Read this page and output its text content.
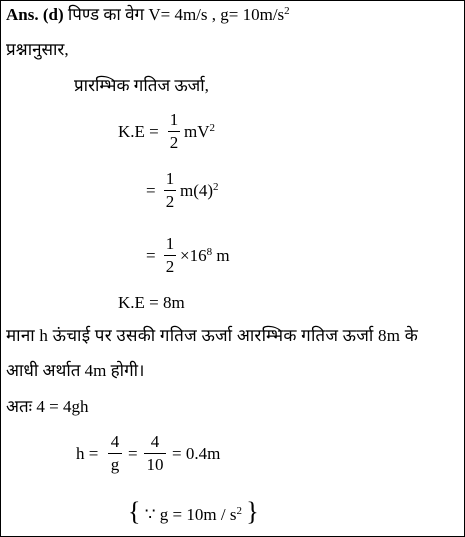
Ans. (d) पिण्ड का वेग V= 4m/s , $g= 10m/s^2$
प्रश्नानुसार,
प्रारम्भिक गतिज ऊर्जा,
K.E =
1
2
$mV^2$
=
1
2
$m(4)^2$
=
1
2
$\times 16^8$ m
K.E = 8m
माना h ऊंचाई पर उसकी गतिज ऊर्जा आरम्भिक गतिज ऊर्जा 8m के
आधी अर्थात 4m होगी।
अतः 4 = 4gh
h =
4
g
=
4
10
= 0.4m
{ ∵ $g = 10m / s^2$ }
